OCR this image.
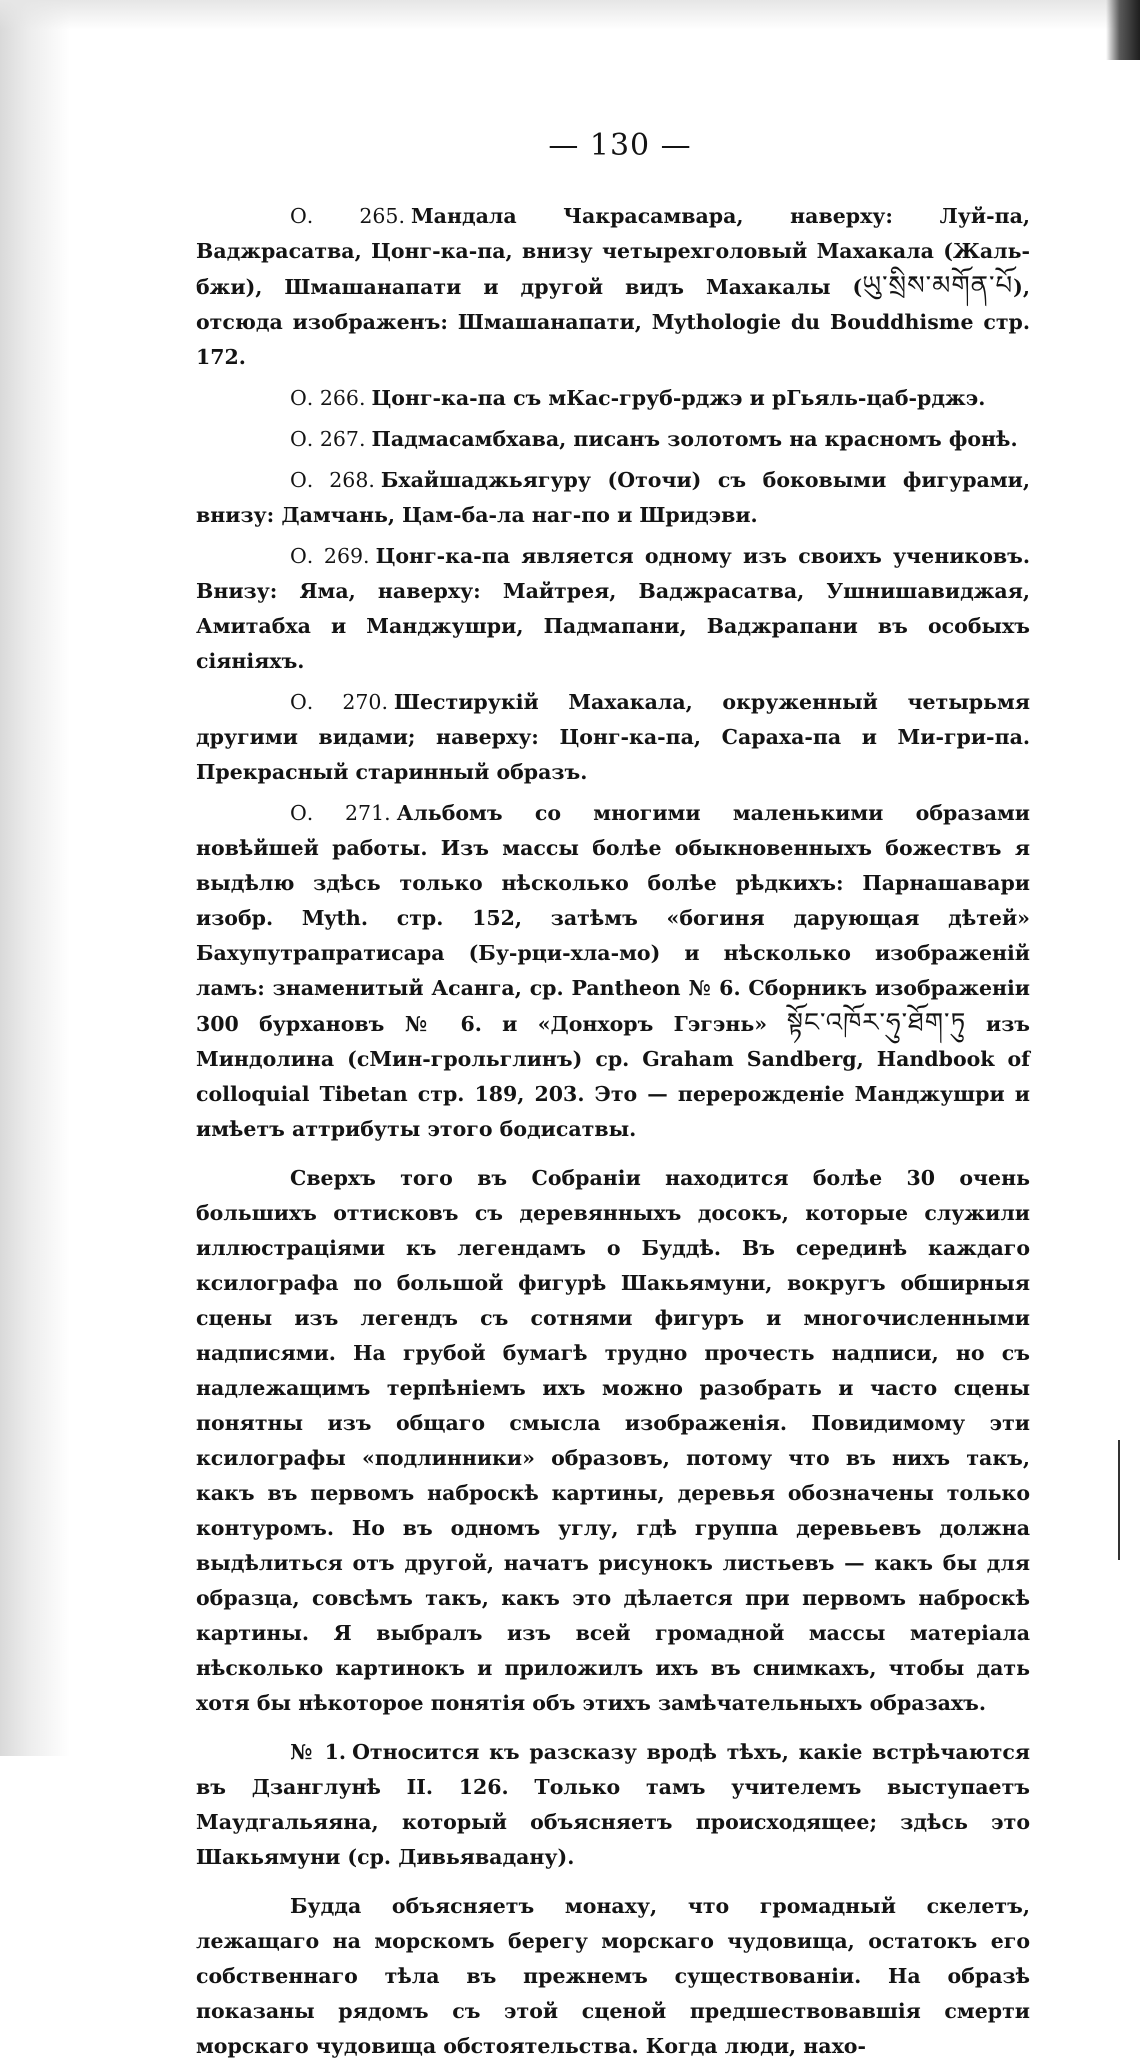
— 130 —

О. 265. Мандала Чакрасамвара, наверху: Луй-па, Ваджрасатва, Цонг-ка-па, внизу четырехголовый Махакала (Жаль-бжи), Шмашанапати и другой видъ Махакалы (ཡུ་སྲིས་མགོན་པོ), отсюда изображенъ: Шмашанапати, Mythologie du Bouddhisme стр. 172.

О. 266. Цонг-ка-па съ мКас-груб-рджэ и рГьяль-цаб-рджэ.

О. 267. Падмасамбхава, писанъ золотомъ на красномъ фонѣ.

О. 268. Бхайшаджьягуру (Оточи) съ боковыми фигурами, внизу: Дамчань, Цам-ба-ла наг-по и Шридэви.

О. 269. Цонг-ка-па является одному изъ своихъ учениковъ. Внизу: Яма, наверху: Майтрея, Ваджрасатва, Ушнишавиджая, Амитабха и Манджушри, Падмапани, Ваджрапани въ особыхъ сіяніяхъ.

О. 270. Шестирукій Махакала, окруженный четырьмя другими видами; наверху: Цонг-ка-па, Сараха-па и Ми-гри-па. Прекрасный старинный образъ.

О. 271. Альбомъ со многими маленькими образами новѣйшей работы. Изъ массы болѣе обыкновенныхъ божествъ я выдѣлю здѣсь только нѣсколько болѣе рѣдкихъ: Парнашавари изобр. Myth. стр. 152, затѣмъ «богиня дарующая дѣтей» Бахупутрапратисара (Бу-рци-хла-мо) и нѣсколько изображеній ламъ: знаменитый Асанга, ср. Pantheon № 6. Сборникъ изображенiи 300 бурхановъ № 6. и «Донхоръ Гэгэнь» སྟོང་འཁོར་ཧུ་ཐོག་ཏུ изъ Миндолина (сМин-грольглинъ) ср. Graham Sandberg, Handbook of colloquial Tibetan стр. 189, 203. Это — перерожденіе Манджушри и имѣетъ аттрибуты этого бодисатвы.

Сверхъ того въ Собраніи находится болѣе 30 очень большихъ оттисковъ съ деревянныхъ досокъ, которые служили иллюстраціями къ легендамъ о Буддѣ. Въ серединѣ каждаго ксилографа по большой фигурѣ Шакьямуни, вокругъ обширныя сцены изъ легендъ съ сотнями фигуръ и многочисленными надписями. На грубой бумагѣ трудно прочесть надписи, но съ надлежащимъ терпѣніемъ ихъ можно разобрать и часто сцены понятны изъ общаго смысла изображенія. Повидимому эти ксилографы «подлинники» образовъ, потому что въ нихъ такъ, какъ въ первомъ наброскѣ картины, деревья обозначены только контуромъ. Но въ одномъ углу, гдѣ группа деревьевъ должна выдѣлиться отъ другой, начатъ рисунокъ листьевъ — какъ бы для образца, совсѣмъ такъ, какъ это дѣлается при первомъ наброскѣ картины. Я выбралъ изъ всей громадной массы матеріала нѣсколько картинокъ и приложилъ ихъ въ снимкахъ, чтобы дать хотя бы нѣкоторое понятія объ этихъ замѣчательныхъ образахъ.

№ 1. Относится къ разсказу вродѣ тѣхъ, какіе встрѣчаются въ Дзанглунѣ II. 126. Только тамъ учителемъ выступаетъ Маудгальяяна, который объясняетъ происходящее; здѣсь это Шакьямуни (ср. Дивьявадану).

Будда объясняетъ монаху, что громадный скелетъ, лежащаго на морскомъ берегу морскаго чудовища, остатокъ его собственнаго тѣла въ прежнемъ существованіи. На образѣ показаны рядомъ съ этой сценой предшествовавшія смерти морскаго чудовища обстоятельства. Когда люди, нахо-
